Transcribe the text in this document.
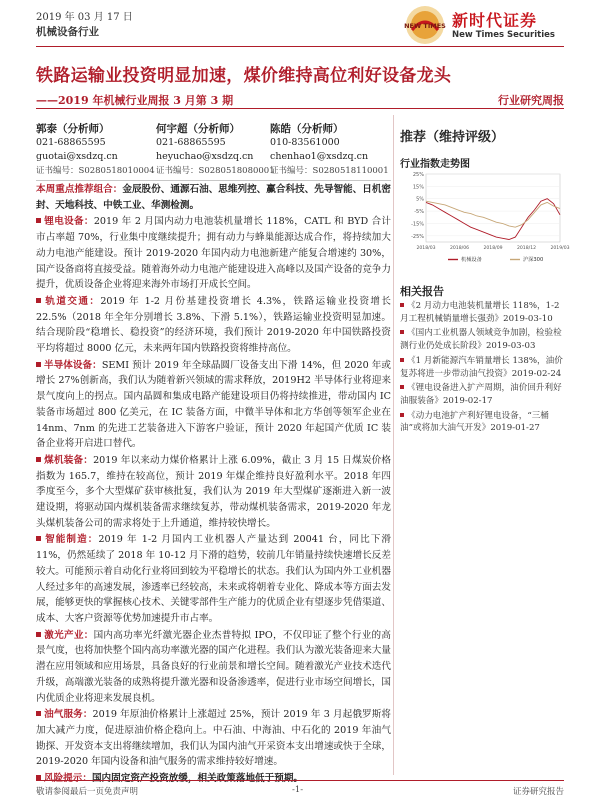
2019 年 03 月 17 日
机械设备行业	NEW TIMES 新时代证券
New Times Securities
铁路运输业投资明显加速，煤价维持高位利好设备龙头
——2019 年机械行业周报 3 月第 3 期	行业研究周报
郭泰（分析师）
021-68865595
guotai@xsdzq.cn
证书编号：S0280518010004
何宇超（分析师）
021-68865595
heyuchao@xsdzq.cn
证书编号：S0280518080001
陈皓（分析师）
010-83561000
chenhao1@xsdzq.cn
证书编号：S0280518110001
推荐（维持评级）
行业指数走势图
25%
15%
5%
-5%
-15%
-25%
2018/03	2018/06	2018/09	2018/12	2019/03
机械设备	沪深300
相关报告
《2 月动力电池装机量增长 118%，1-2 月工程机械销量增长强劲》2019-03-10
《国内工业机器人领域竞争加剧，检验检测行业仍处成长阶段》2019-03-03
《1 月新能源汽车销量增长 138%，油价复苏将进一步带动油气投资》2019-02-24
《锂电设备进入扩产周期，油价回升利好油服装备》2019-02-17
《动力电池扩产利好锂电设备，“三桶油”或将加大油气开发》2019-01-27

本周重点推荐组合：金辰股份、通源石油、思维列控、赢合科技、先导智能、日机密封、天地科技、中铁工业、华测检测。

锂电设备：2019 年 2 月国内动力电池装机量增长 118%，CATL 和 BYD 合计市占率超 70%，行业集中度继续提升；拥有动力与蜂巢能源达成合作，将持续加大动力电池产能建设。预计 2019-2020 年国内动力电池新建产能复合增速约 30%，国产设备商将直接受益。随着海外动力电池产能建设进入高峰以及国产设备的竞争力提升，优质设备企业将迎来海外市场打开成长空间。

轨道交通：2019 年 1-2 月份基建投资增长 4.3%，铁路运输业投资增长 22.5%（2018 年全年分别增长 3.8%、下滑 5.1%），铁路运输业投资明显加速。结合现阶段“稳增长、稳投资”的经济环境，我们预计 2019-2020 年中国铁路投资平均将超过 8000 亿元，未来两年国内铁路投资将维持高位。

半导体设备：SEMI 预计 2019 年全球晶圆厂设备支出下滑 14%，但 2020 年或增长 27%创新高，我们认为随着新兴领域的需求释放，2019H2 半导体行业将迎来景气度向上的拐点。国内晶圆和集成电路产能建设项目仍将持续推进，带动国内 IC 装备市场超过 800 亿美元，在 IC 装备方面，中微半导体和北方华创等领军企业在 14nm、7nm 的先进工艺装备进入下游客户验证，预计 2020 年起国产优质 IC 装备企业将开启进口替代。

煤机装备：2019 年以来动力煤价格累计上涨 6.09%，截止 3 月 15 日煤炭价格指数为 165.7，维持在较高位，预计 2019 年煤企维持良好盈利水平。2018 年四季度至今，多个大型煤矿获审核批复，我们认为 2019 年大型煤矿逐渐进入新一波建设期，将驱动国内煤机装备需求继续复苏，带动煤机装备需求，2019-2020 年龙头煤机装备公司的需求将处于上升通道，维持较快增长。

智能制造：2019 年 1-2 月国内工业机器人产量达到 20041 台，同比下滑 11%，仍然延续了 2018 年 10-12 月下滑的趋势，较前几年销量持续快速增长反差较大。可能预示着自动化行业将回到较为平稳增长的状态。我们认为国内外工业机器人经过多年的高速发展，渗透率已经较高，未来或将朝着专业化、降成本等方面去发展，能够更快的掌握核心技术、关键零部件生产能力的优质企业有望逐步凭借渠道、成本、大客户资源等优势加速提升市占率。

激光产业：国内高功率光纤激光器企业杰普特拟 IPO，不仅印证了整个行业的高景气度，也将加快整个国内高功率激光器的国产化进程。我们认为激光装备迎来大量潜在应用领域和应用场景，具备良好的行业前景和增长空间。随着激光产业技术迭代升级，高端激光装备的成熟将提升激光器和设备渗透率，促进行业市场空间增长，国内优质企业将迎来发展良机。

油气服务：2019 年原油价格累计上涨超过 25%，预计 2019 年 3 月起俄罗斯将加大减产力度，促进原油价格企稳向上。中石油、中海油、中石化的 2019 年油气勘探、开发资本支出将继续增加，我们认为国内油气开采资本支出增速或快于全球，2019-2020 年国内设备和油气服务的需求维持较好增速。

风险提示：国内固定资产投资放缓，相关政策落地低于预期。

敬请参阅最后一页免责声明	-1-	证券研究报告
